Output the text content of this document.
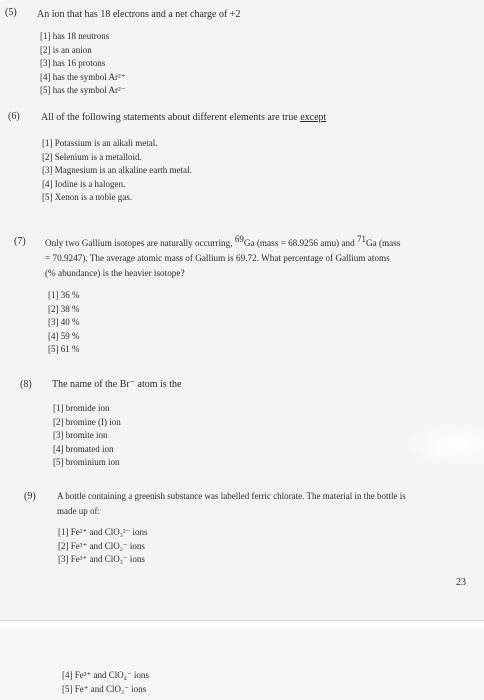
(5) An ion that has 18 electrons and a net charge of +2
[1] has 18 neutrons
[2] is an anion
[3] has 16 protons
[4] has the symbol Ar²⁺
[5] has the symbol Ar²⁻
(6) All of the following statements about different elements are true except
[1] Potassium is an alkali metal.
[2] Selenium is a metalloid.
[3] Magnesium is an alkaline earth metal.
[4] Iodine is a halogen.
[5] Xenon is a noble gas.
(7) Only two Gallium isotopes are naturally occurring, $^{69}$Ga (mass = 68.9256 amu) and $^{71}$Ga (mass
= 70.9247). The average atomic mass of Gallium is 69.72. What percentage of Gallium atoms
(% abundance) is the heavier isotope?
[1] 36 %
[2] 38 %
[3] 40 %
[4] 59 %
[5] 61 %
(8) The name of the Br⁻ atom is the
[1] bromide ion
[2] bromine (I) ion
[3] bromite ion
[4] bromated ion
[5] brominium ion
(9) A bottle containing a greenish substance was labelled ferric chlorate. The material in the bottle is
made up of:
[1] Fe²⁺ and ClO₃²⁻ ions
[2] Fe³⁺ and ClO₂⁻ ions
[3] Fe³⁺ and ClO₃⁻ ions
23
[4] Fe³⁺ and ClO₄⁻ ions
[5] Fe⁺ and ClO₃⁻ ions
